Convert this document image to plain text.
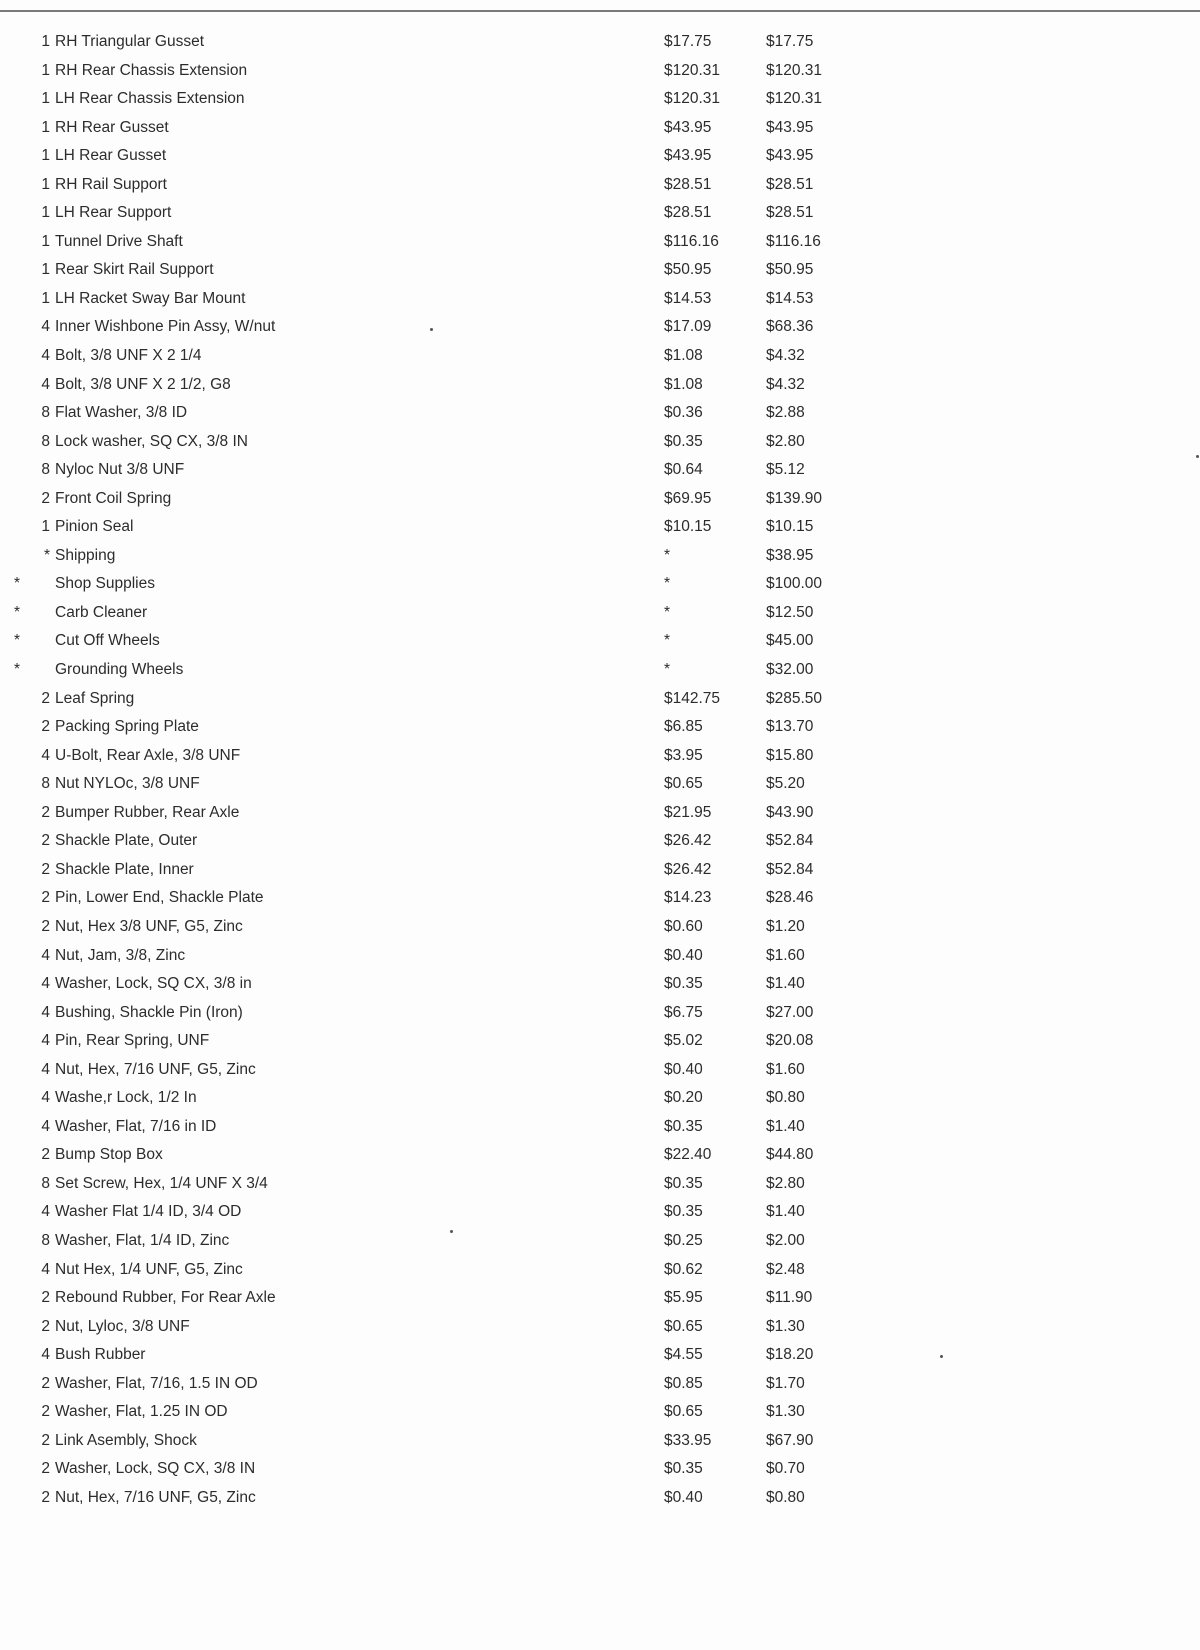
1 RH Triangular Gusset	$17.75	$17.75
1 RH Rear Chassis Extension	$120.31	$120.31
1 LH Rear Chassis Extension	$120.31	$120.31
1 RH Rear Gusset	$43.95	$43.95
1 LH Rear Gusset	$43.95	$43.95
1 RH Rail Support	$28.51	$28.51
1 LH Rear Support	$28.51	$28.51
1 Tunnel Drive Shaft	$116.16	$116.16
1 Rear Skirt Rail Support	$50.95	$50.95
1 LH Racket Sway Bar Mount	$14.53	$14.53
4 Inner Wishbone Pin Assy, W/nut	$17.09	$68.36
4 Bolt, 3/8 UNF X 2 1/4	$1.08	$4.32
4 Bolt, 3/8 UNF X 2 1/2, G8	$1.08	$4.32
8 Flat Washer, 3/8 ID	$0.36	$2.88
8 Lock washer, SQ CX, 3/8 IN	$0.35	$2.80
8 Nyloc Nut 3/8 UNF	$0.64	$5.12
2 Front Coil Spring	$69.95	$139.90
1 Pinion Seal	$10.15	$10.15
* Shipping	*	$38.95
* Shop Supplies	*	$100.00
* Carb Cleaner	*	$12.50
* Cut Off Wheels	*	$45.00
* Grounding Wheels	*	$32.00
2 Leaf Spring	$142.75	$285.50
2 Packing Spring Plate	$6.85	$13.70
4 U-Bolt, Rear Axle, 3/8 UNF	$3.95	$15.80
8 Nut NYLOc, 3/8 UNF	$0.65	$5.20
2 Bumper Rubber, Rear Axle	$21.95	$43.90
2 Shackle Plate, Outer	$26.42	$52.84
2 Shackle Plate, Inner	$26.42	$52.84
2 Pin, Lower End, Shackle Plate	$14.23	$28.46
2 Nut, Hex 3/8 UNF, G5, Zinc	$0.60	$1.20
4 Nut, Jam, 3/8, Zinc	$0.40	$1.60
4 Washer, Lock, SQ CX, 3/8 in	$0.35	$1.40
4 Bushing, Shackle Pin (Iron)	$6.75	$27.00
4 Pin, Rear Spring, UNF	$5.02	$20.08
4 Nut, Hex, 7/16 UNF, G5, Zinc	$0.40	$1.60
4 Washe,r Lock, 1/2 In	$0.20	$0.80
4 Washer, Flat, 7/16 in ID	$0.35	$1.40
2 Bump Stop Box	$22.40	$44.80
8 Set Screw, Hex, 1/4 UNF X 3/4	$0.35	$2.80
4 Washer Flat 1/4 ID, 3/4 OD	$0.35	$1.40
8 Washer, Flat, 1/4 ID, Zinc	$0.25	$2.00
4 Nut Hex, 1/4 UNF, G5, Zinc	$0.62	$2.48
2 Rebound Rubber, For Rear Axle	$5.95	$11.90
2 Nut, Lyloc, 3/8 UNF	$0.65	$1.30
4 Bush Rubber	$4.55	$18.20
2 Washer, Flat, 7/16, 1.5 IN OD	$0.85	$1.70
2 Washer, Flat, 1.25 IN OD	$0.65	$1.30
2 Link Asembly, Shock	$33.95	$67.90
2 Washer, Lock, SQ CX, 3/8 IN	$0.35	$0.70
2 Nut, Hex, 7/16 UNF, G5, Zinc	$0.40	$0.80
